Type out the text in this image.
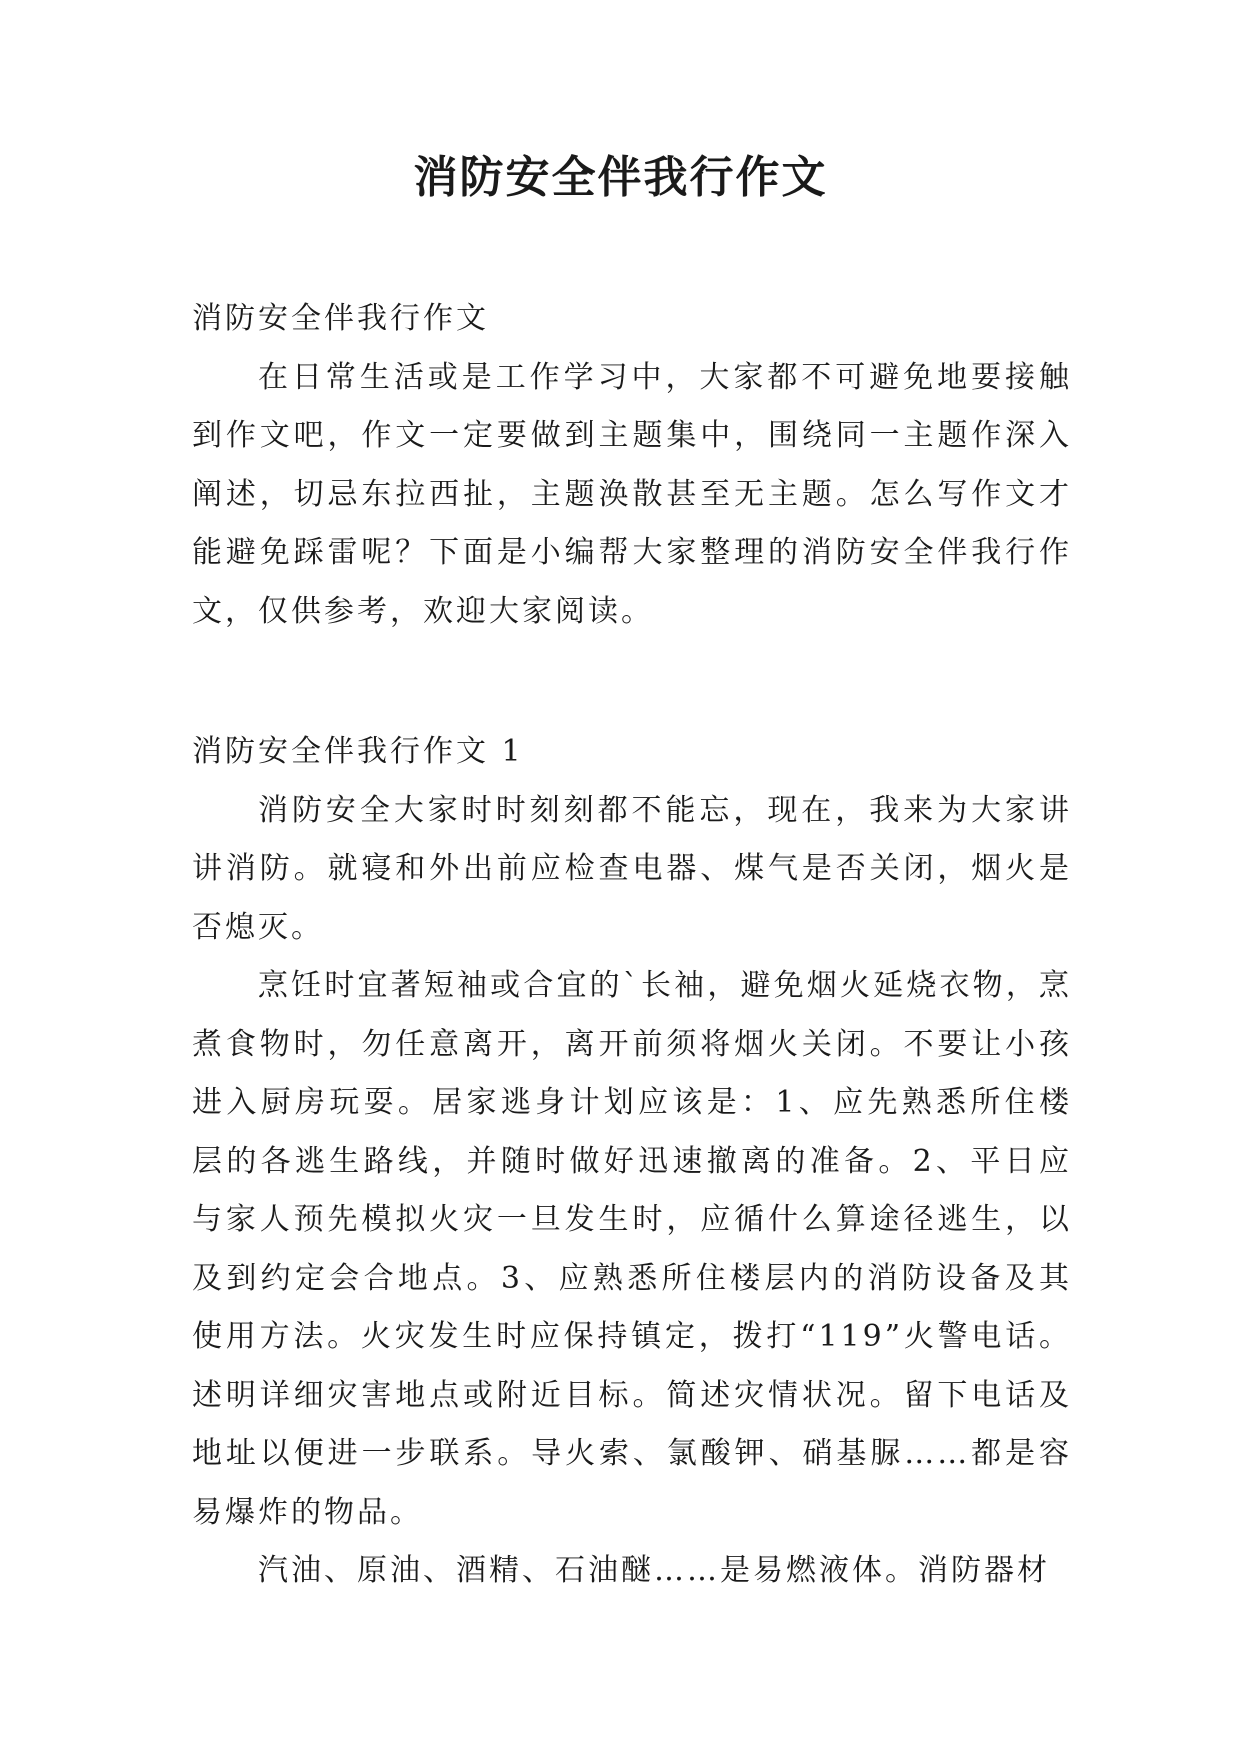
消防安全伴我行作文

消防安全伴我行作文

在日常生活或是工作学习中，大家都不可避免地要接触到作文吧，作文一定要做到主题集中，围绕同一主题作深入阐述，切忌东拉西扯，主题涣散甚至无主题。怎么写作文才能避免踩雷呢？下面是小编帮大家整理的消防安全伴我行作文，仅供参考，欢迎大家阅读。

消防安全伴我行作文 1

消防安全大家时时刻刻都不能忘，现在，我来为大家讲讲消防。就寝和外出前应检查电器、煤气是否关闭，烟火是否熄灭。

烹饪时宜著短袖或合宜的`长袖，避免烟火延烧衣物，烹煮食物时，勿任意离开，离开前须将烟火关闭。不要让小孩进入厨房玩耍。居家逃身计划应该是：1、应先熟悉所住楼层的各逃生路线，并随时做好迅速撤离的准备。2、平日应与家人预先模拟火灾一旦发生时，应循什么算途径逃生，以及到约定会合地点。3、应熟悉所住楼层内的消防设备及其使用方法。火灾发生时应保持镇定，拨打“119”火警电话。述明详细灾害地点或附近目标。简述灾情状况。留下电话及地址以便进一步联系。导火索、氯酸钾、硝基脲……都是容易爆炸的物品。

汽油、原油、酒精、石油醚……是易燃液体。消防器材
